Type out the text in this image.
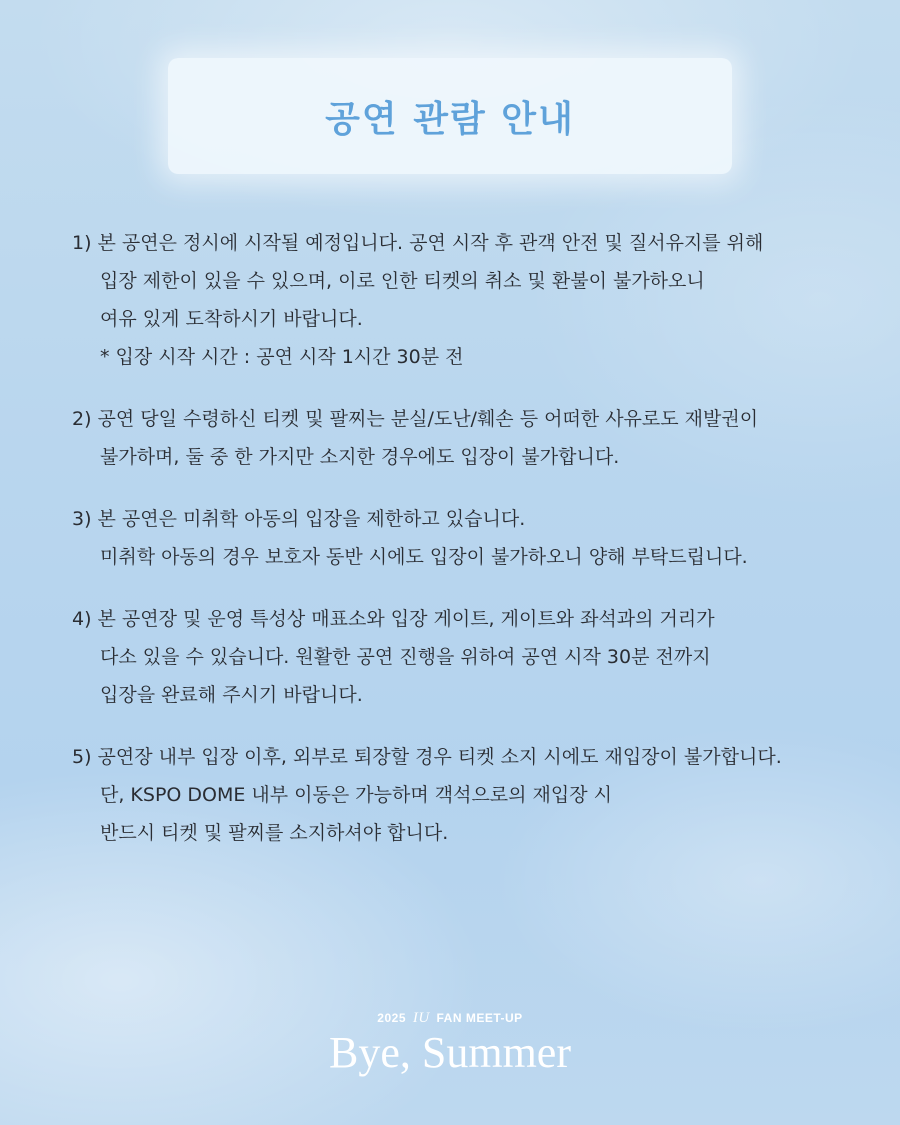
공연 관람 안내
1) 본 공연은 정시에 시작될 예정입니다. 공연 시작 후 관객 안전 및 질서유지를 위해
입장 제한이 있을 수 있으며, 이로 인한 티켓의 취소 및 환불이 불가하오니
여유 있게 도착하시기 바랍니다.
* 입장 시작 시간 : 공연 시작 1시간 30분 전
2) 공연 당일 수령하신 티켓 및 팔찌는 분실/도난/훼손 등 어떠한 사유로도 재발권이
불가하며, 둘 중 한 가지만 소지한 경우에도 입장이 불가합니다.
3) 본 공연은 미취학 아동의 입장을 제한하고 있습니다.
미취학 아동의 경우 보호자 동반 시에도 입장이 불가하오니 양해 부탁드립니다.
4) 본 공연장 및 운영 특성상 매표소와 입장 게이트, 게이트와 좌석과의 거리가
다소 있을 수 있습니다. 원활한 공연 진행을 위하여 공연 시작 30분 전까지
입장을 완료해 주시기 바랍니다.
5) 공연장 내부 입장 이후, 외부로 퇴장할 경우 티켓 소지 시에도 재입장이 불가합니다.
단, KSPO DOME 내부 이동은 가능하며 객석으로의 재입장 시
반드시 티켓 및 팔찌를 소지하셔야 합니다.
2025 IU FAN MEET-UP
Bye, Summer
